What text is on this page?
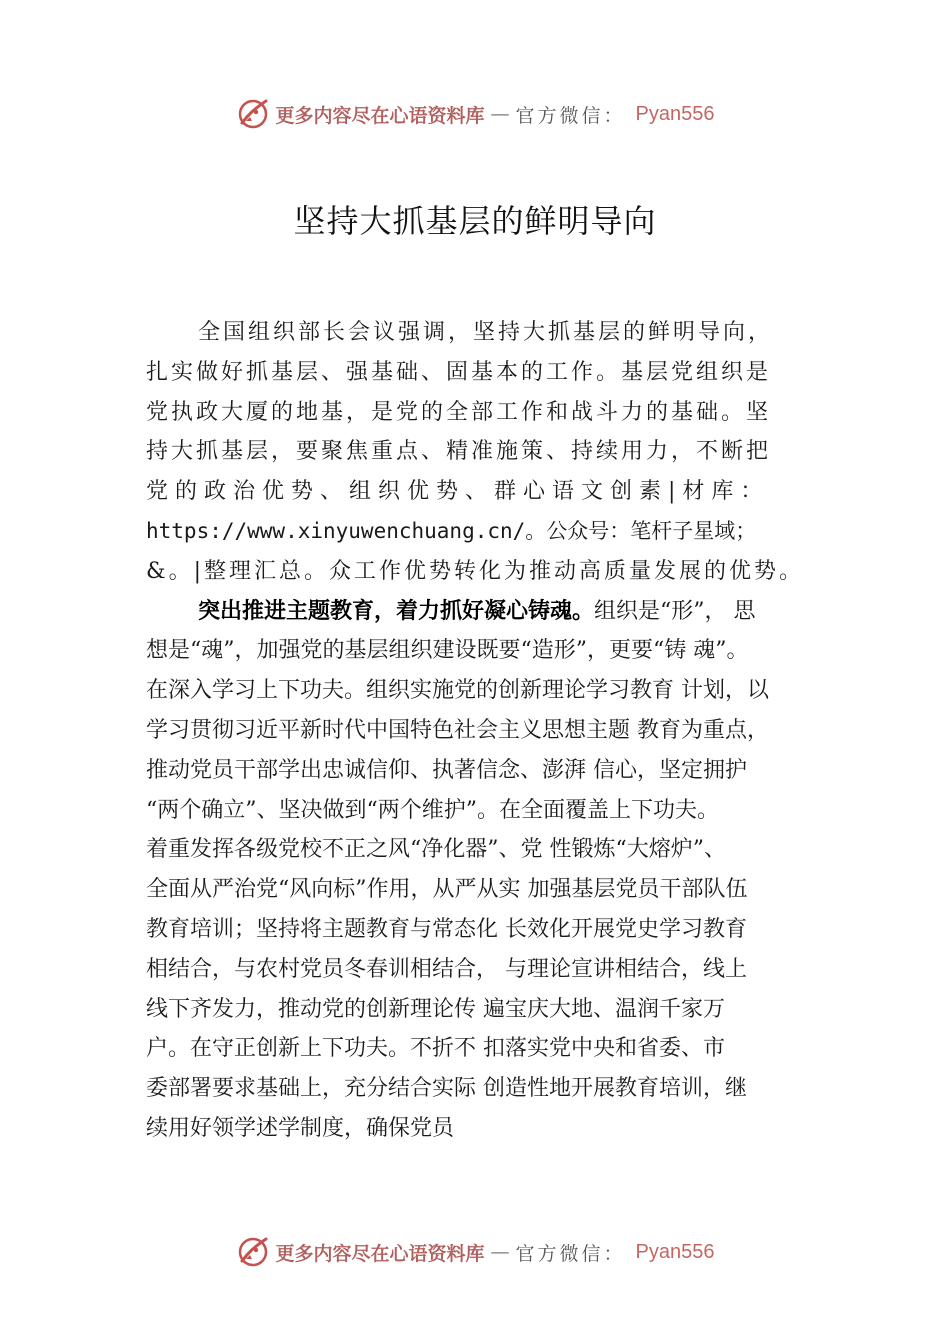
更多内容尽在心语资料库 — 官方微信： Pyan556
坚持大抓基层的鲜明导向
全国组织部长会议强调，坚持大抓基层的鲜明导向，
扎实做好抓基层、强基础、固基本的工作。基层党组织是
党执政大厦的地基，是党的全部工作和战斗力的基础。坚
持大抓基层，要聚焦重点、精准施策、持续用力，不断把
党的政治优势、组织优势、群心语文创素|材库：
https://www.xinyuwenchuang.cn/。公众号：笔杆子星域；
&。|整理汇总。众工作优势转化为推动高质量发展的优势。
突出推进主题教育，着力抓好凝心铸魂。组织是“形”， 思
想是“魂”，加强党的基层组织建设既要“造形”，更要“铸 魂”。
在深入学习上下功夫。组织实施党的创新理论学习教育 计划，以
学习贯彻习近平新时代中国特色社会主义思想主题 教育为重点，
推动党员干部学出忠诚信仰、执著信念、澎湃 信心，坚定拥护
“两个确立”、坚决做到“两个维护”。在全面覆盖上下功夫。
着重发挥各级党校不正之风“净化器”、党 性锻炼“大熔炉”、
全面从严治党“风向标”作用，从严从实 加强基层党员干部队伍
教育培训；坚持将主题教育与常态化 长效化开展党史学习教育
相结合，与农村党员冬春训相结合， 与理论宣讲相结合，线上
线下齐发力，推动党的创新理论传 遍宝庆大地、温润千家万
户。在守正创新上下功夫。不折不 扣落实党中央和省委、市
委部署要求基础上，充分结合实际 创造性地开展教育培训，继
续用好领学述学制度，确保党员
更多内容尽在心语资料库 — 官方微信： Pyan556
